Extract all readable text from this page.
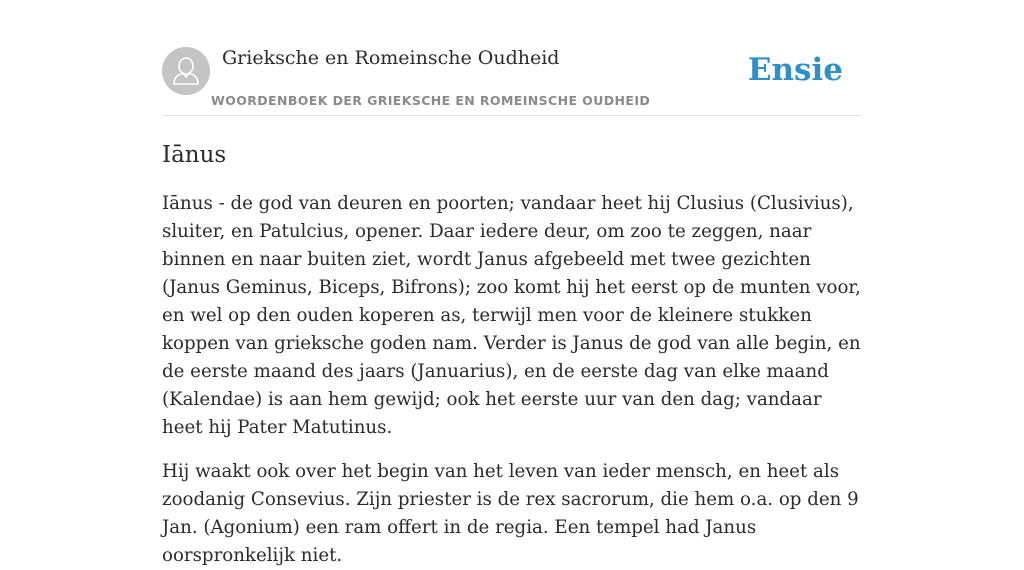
Grieksche en Romeinsche Oudheid
WOORDENBOEK DER GRIEKSCHE EN ROMEINSCHE OUDHEID
Ensie
Iānus

Iānus - de god van deuren en poorten; vandaar heet hij Clusius (Clusivius), sluiter, en Patulcius, opener. Daar iedere deur, om zoo te zeggen, naar binnen en naar buiten ziet, wordt Janus afgebeeld met twee gezichten (Janus Geminus, Biceps, Bifrons); zoo komt hij het eerst op de munten voor, en wel op den ouden koperen as, terwijl men voor de kleinere stukken koppen van grieksche goden nam. Verder is Janus de god van alle begin, en de eerste maand des jaars (Januarius), en de eerste dag van elke maand (Kalendae) is aan hem gewijd; ook het eerste uur van den dag; vandaar heet hij Pater Matutinus.

Hij waakt ook over het begin van het leven van ieder mensch, en heet als zoodanig Consevius. Zijn priester is de rex sacrorum, die hem o.a. op den 9 Jan. (Agonium) een ram offert in de regia. Een tempel had Janus oorspronkelijk niet.
